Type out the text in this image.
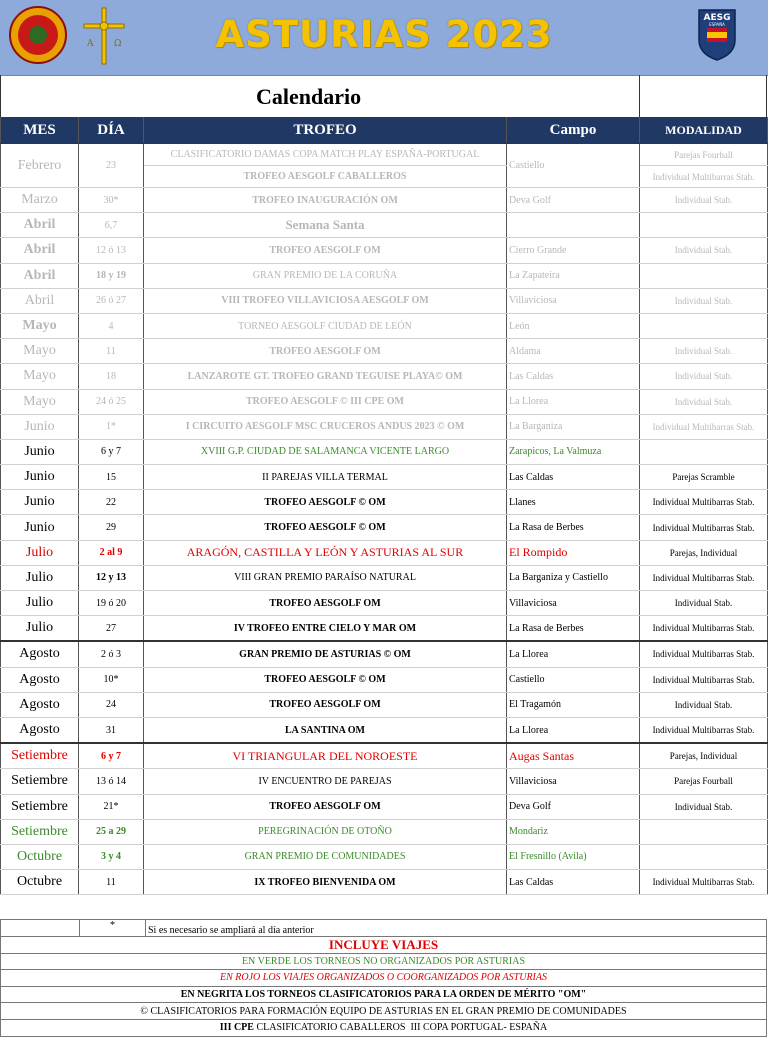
A Ω	ASTURIAS 2023	AESG
ESPAÑA
Calendario
MES	DÍA	TROFEO	Campo	MODALIDAD
Febrero	23	CLASIFICATORIO DAMAS COPA MATCH PLAY ESPAÑA-PORTUGAL	Castiello	Parejas Fourball
		TROFEO AESGOLF CABALLEROS		Individual Multibarras Stab.
Marzo	30*	TROFEO INAUGURACIÓN OM	Deva Golf	Individual Stab.
Abril	6,7	Semana Santa		
Abril	12 ó 13	TROFEO AESGOLF OM	Cierro Grande	Individual Stab.
Abril	18 y 19	GRAN PREMIO DE LA CORUÑA	La Zapateira	
Abril	26 ó 27	VIII TROFEO VILLAVICIOSA AESGOLF OM	Villaviciosa	Individual Stab.
Mayo	4	TORNEO AESGOLF CIUDAD DE LEÓN	León	
Mayo	11	TROFEO AESGOLF OM	Aldama	Individual Stab.
Mayo	18	LANZAROTE GT. TROFEO GRAND TEGUISE PLAYA© OM	Las Caldas	Individual Stab.
Mayo	24 ó 25	TROFEO AESGOLF © III CPE OM	La Llorea	Individual Stab.
Junio	1*	I CIRCUITO AESGOLF MSC CRUCEROS ANDUS 2023 © OM	La Barganiza	Individual Multibarras Stab.
Junio	6 y 7	XVIII G.P. CIUDAD DE SALAMANCA VICENTE LARGO	Zarapicos, La Valmuza	
Junio	15	II PAREJAS VILLA TERMAL	Las Caldas	Parejas Scramble
Junio	22	TROFEO AESGOLF © OM	Llanes	Individual Multibarras Stab.
Junio	29	TROFEO AESGOLF © OM	La Rasa de Berbes	Individual Multibarras Stab.
Julio	2 al 9	ARAGÓN, CASTILLA Y LEÓN Y ASTURIAS AL SUR	El Rompido	Parejas, Individual
Julio	12 y 13	VIII GRAN PREMIO PARAÍSO NATURAL	La Barganiza y Castiello	Individual Multibarras Stab.
Julio	19 ó 20	TROFEO AESGOLF OM	Villaviciosa	Individual Stab.
Julio	27	IV TROFEO ENTRE CIELO Y MAR OM	La Rasa de Berbes	Individual Multibarras Stab.
Agosto	2 ó 3	GRAN PREMIO DE ASTURIAS © OM	La Llorea	Individual Multibarras Stab.
Agosto	10*	TROFEO AESGOLF © OM	Castiello	Individual Multibarras Stab.
Agosto	24	TROFEO AESGOLF OM	El Tragamón	Individual Stab.
Agosto	31	LA SANTINA OM	La Llorea	Individual Multibarras Stab.
Setiembre	6 y 7	VI TRIANGULAR DEL NOROESTE	Augas Santas	Parejas, Individual
Setiembre	13 ó 14	IV ENCUENTRO DE PAREJAS	Villaviciosa	Parejas Fourball
Setiembre	21*	TROFEO AESGOLF OM	Deva Golf	Individual Stab.
Setiembre	25 a 29	PEREGRINACIÓN DE OTOÑO	Mondariz	
Octubre	3 y 4	GRAN PREMIO DE COMUNIDADES	El Fresnillo (Avila)	
Octubre	11	IX TROFEO BIENVENIDA OM	Las Caldas	Individual Multibarras Stab.
	*	Si es necesario se ampliará al día anterior
INCLUYE VIAJES
EN VERDE LOS TORNEOS NO ORGANIZADOS POR ASTURIAS
EN ROJO LOS VIAJES ORGANIZADOS O COORGANIZADOS POR ASTURIAS
EN NEGRITA LOS TORNEOS CLASIFICATORIOS PARA LA ORDEN DE MÉRITO "OM"
© CLASIFICATORIOS PARA FORMACIÓN EQUIPO DE ASTURIAS EN EL GRAN PREMIO DE COMUNIDADES
III CPE CLASIFICATORIO CABALLEROS  III COPA PORTUGAL- ESPAÑA
